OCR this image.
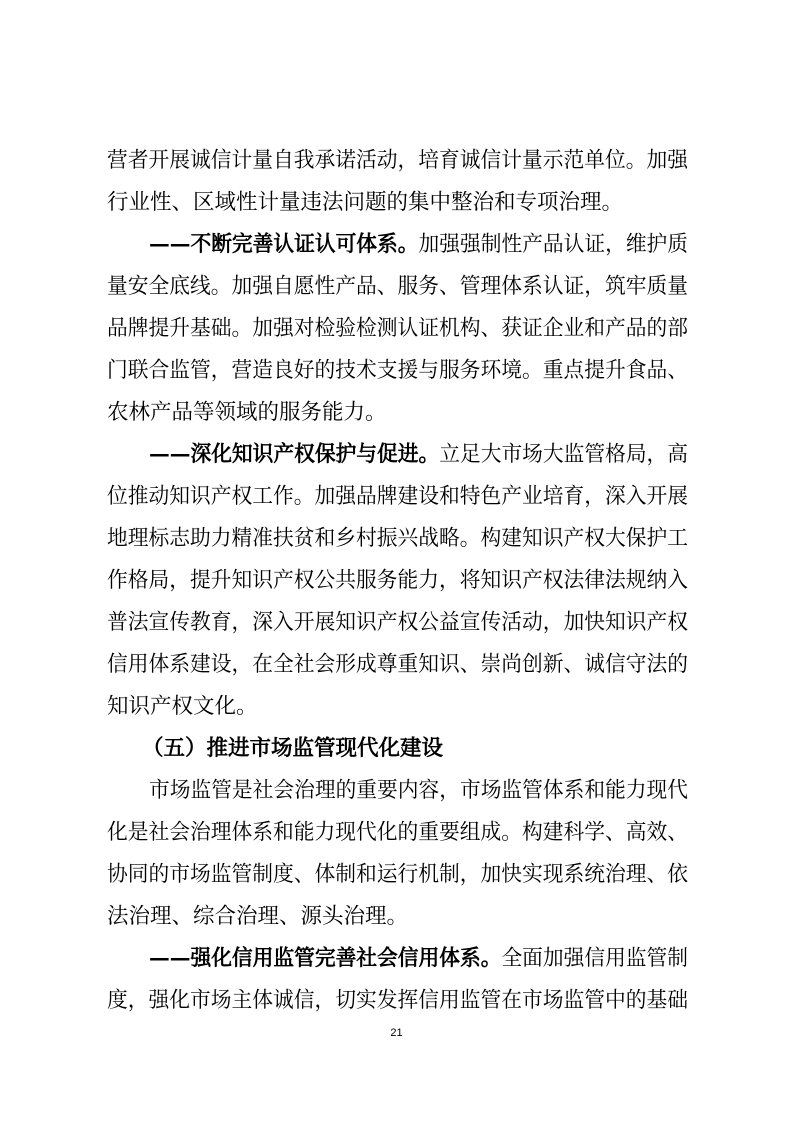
营者开展诚信计量自我承诺活动，培育诚信计量示范单位。加强

行业性、区域性计量违法问题的集中整治和专项治理。

——不断完善认证认可体系。加强强制性产品认证，维护质

量安全底线。加强自愿性产品、服务、管理体系认证，筑牢质量

品牌提升基础。加强对检验检测认证机构、获证企业和产品的部

门联合监管，营造良好的技术支援与服务环境。重点提升食品、

农林产品等领域的服务能力。

——深化知识产权保护与促进。立足大市场大监管格局，高

位推动知识产权工作。加强品牌建设和特色产业培育，深入开展

地理标志助力精准扶贫和乡村振兴战略。构建知识产权大保护工

作格局，提升知识产权公共服务能力，将知识产权法律法规纳入

普法宣传教育，深入开展知识产权公益宣传活动，加快知识产权

信用体系建设，在全社会形成尊重知识、崇尚创新、诚信守法的

知识产权文化。

（五）推进市场监管现代化建设

市场监管是社会治理的重要内容，市场监管体系和能力现代

化是社会治理体系和能力现代化的重要组成。构建科学、高效、

协同的市场监管制度、体制和运行机制，加快实现系统治理、依

法治理、综合治理、源头治理。

——强化信用监管完善社会信用体系。全面加强信用监管制

度，强化市场主体诚信，切实发挥信用监管在市场监管中的基础

21
